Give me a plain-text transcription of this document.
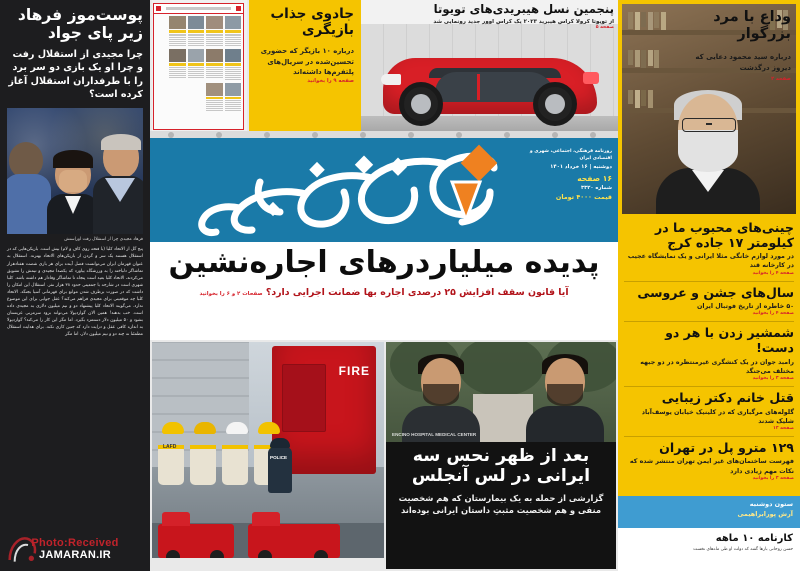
پوست‌موز فرهاد زیر پای جواد
چرا مجیدی از استقلال رفت و چرا او یک بازی دو سر برد را با طرفداران استقلال آغاز کرده است؟
فرهاد مجیدی چرا از استقلال رفت اوراستش
پنج گل از الاتحاد کلبا (با فتحه روی کاف و لام) بیش است. بازیکن‌هایی که در استقلال هستند یک سر و گردن از بازیکن‌های الاتحاد بهترند. استقلال به عنوان قهرمان ایران می‌توانست فصل آینده برای هر بازی شصت هفتادهزار تماشاگر دلباخته را به ورزشگاه بیاورد که یکصدا مجیدی و تیمش را تشویق می‌کردند، الاتحاد کلبا بعید است پنجاه تا تماشاگر وفادار هم داشته باشد. کلبا شهری است در شارجه با جمعیتی حدود ۳۸ هزار نفر. استقلال این امکان را داشت که در صورت برطرف شدن موانع برای قهرمانی آسیا بجنگد. الاتحاد کلبا چه موقعیتی برای مجیدی فراهم می‌کند؟ عقل جوابی برای این موضوع ندارد. می‌گویند الاتحاد کلبا پیشنهاد دو و نیم میلیون دلاری به مجیدی داده است. خب بدهند! همین الان گواردیولا می‌تواند برود سرمربی عربستان بشود و ۵۰ میلیون دلار دستمزد بگیرد. اما مگر این کار را می‌کند؟ گواردیولا به اندازه کافی عقل و درایت دارد که جنین کاری نکند. برای هدایت استقلال مطمئنا نه چند دو و نیم میلیون دلار، اما مگر
Photo:Received
JAMARAN.IR
جادوی جذاب بازیگری
درباره ۱۰ بازیگر که حضوری تحسین‌شده در سریال‌های پلتفرم‌ها داشته‌اند
صفحه ۹ را بخوانید
پنجمین نسل هیبریدی‌های تویوتا
از تویوتا کرولا کراس هیبرید ۲۰۲۳ یک کراس اوور جدید رونمایی شد
صفحه ۵
وداع با مرد بزرگوار
درباره سید محمود دعایی که دیروز درگذشت
صفحه ۲
چینی‌های محبوب ما در کیلومتر ۱۷ جاده کرج
در مورد لوازم خانگی مثلا ایرانی و یک نمایشگاه عجیب در کارخانه قند
صفحه ۴ را بخوانید
سال‌های جشن و عروسی
۵۰ خاطره از تاریخ فوتبال ایران
صفحه ۴ را بخوانید
شمشیر زدن با هر دو دست!
رامبد جوان در یک کنشگری غیرمنتظره در دو جبهه مختلف می‌جنگد
صفحه ۳ را بخوانید
قتل خانم دکتر زیبایی
گلوله‌های مرگباری که در کلینیک خیابان یوسف‌آباد شلیک شدند
صفحه ۱۳
۱۲۹ مترو پل در تهران
فهرست ساختمان‌های غیر ایمن تهران منتشر شده که نکات مهم زیادی دارد
صفحه ۳ را بخوانید
ستون دوشنبه
آرش پورابراهیمی
کارنامه ۱۰ ماهه
حسن روحانی بارها گفته که دولت او طی ماه‌های نخست
روزنامه فرهنگی، اجتماعی، شهری و اقتصادی ایران
دوشنبه | ۱۶ خرداد ۱۴۰۱
۱۶ صفحه
شماره ۳۳۲۰
قیمت ۴۰۰۰ تومان
پدیده میلیاردرهای اجاره‌نشین
آیا قانون سقف افزایش ۲۵ درصدی اجاره بها ضمانت اجرایی دارد؟ صفحات ۲ و ۶ را بخوانید
FIRE
LAFD
POLICE
ENCINO HOSPITAL MEDICAL CENTER
بعد از ظهر نحس سه ایرانی در لس آنجلس
گزارشی از حمله به یک بیمارستان که هم شخصیت منفی و هم شخصیت مثبتِ داستان ایرانی بوده‌اند
